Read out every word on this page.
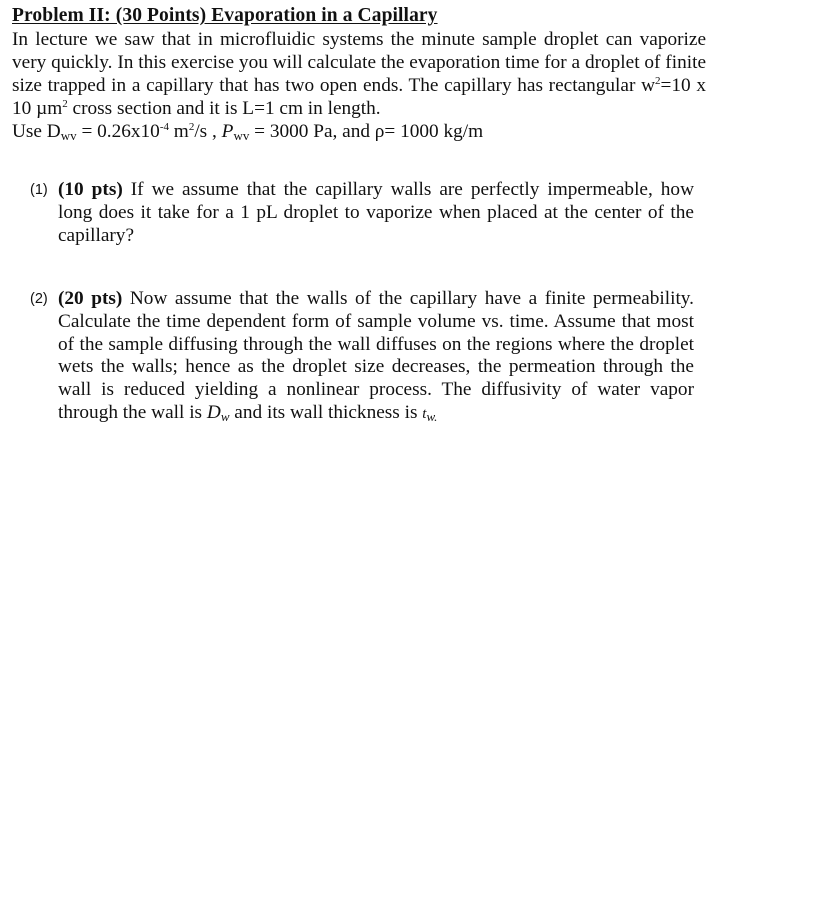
Problem II: (30 Points) Evaporation in a Capillary

In lecture we saw that in microfluidic systems the minute sample droplet can vaporize very quickly. In this exercise you will calculate the evaporation time for a droplet of finite size trapped in a capillary that has two open ends. The capillary has rectangular $w^2=10$ x 10 µm$^2$ cross section and it is L=1 cm in length.

Use $D_{wv} = 0.26x10^{-4}$ $m^2/s$ , $P_{wv} = 3000$ Pa, and ρ= 1000 kg/m

(1) (10 pts) If we assume that the capillary walls are perfectly impermeable, how long does it take for a 1 pL droplet to vaporize when placed at the center of the capillary?

(2) (20 pts) Now assume that the walls of the capillary have a finite permeability. Calculate the time dependent form of sample volume vs. time. Assume that most of the sample diffusing through the wall diffuses on the regions where the droplet wets the walls; hence as the droplet size decreases, the permeation through the wall is reduced yielding a nonlinear process. The diffusivity of water vapor through the wall is $D_w$ and its wall thickness is $t_{w.}$
